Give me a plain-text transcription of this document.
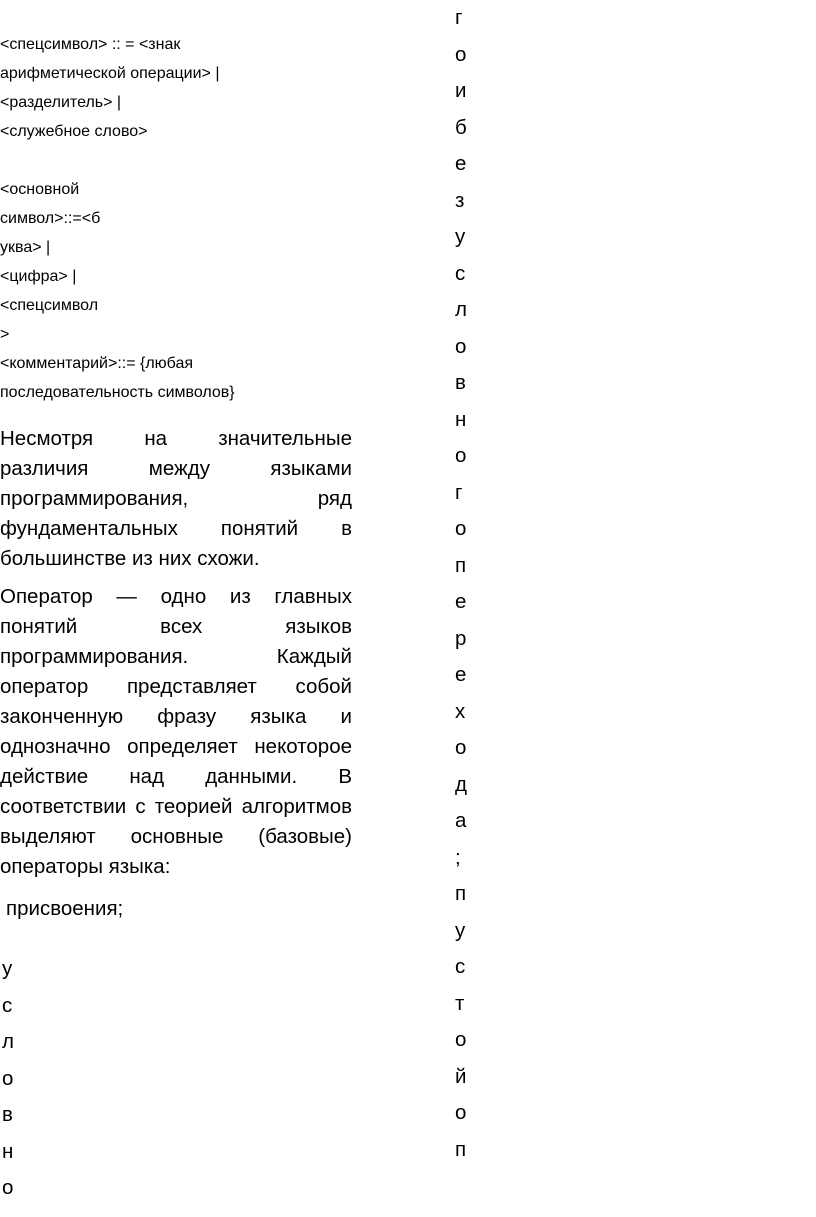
<спецсимвол> :: = <знак

арифметической операции> |

<разделитель> |

<служебное слово>

<основной

символ>::=<б

уква> |

<цифра> |

<спецсимвол

>

<комментарий>::= {любая

последовательность символов}

Несмотря на значительные различия между языками программирования, ряд фундаментальных понятий в большинстве из них схожи.

Оператор — одно из главных понятий всех языков программирования. Каждый оператор представляет собой законченную фразу языка и однозначно определяет некоторое действие над данными. В соответствии с теорией алгоритмов выделяют основные (базовые) операторы языка:

присвоения;
у
с
л
о
в
н
о
г
о
и
б
е
з
у
с
л
о
в
н
о
г
о
п
е
р
е
х
о
д
а
;
п
у
с
т
о
й
о
п
